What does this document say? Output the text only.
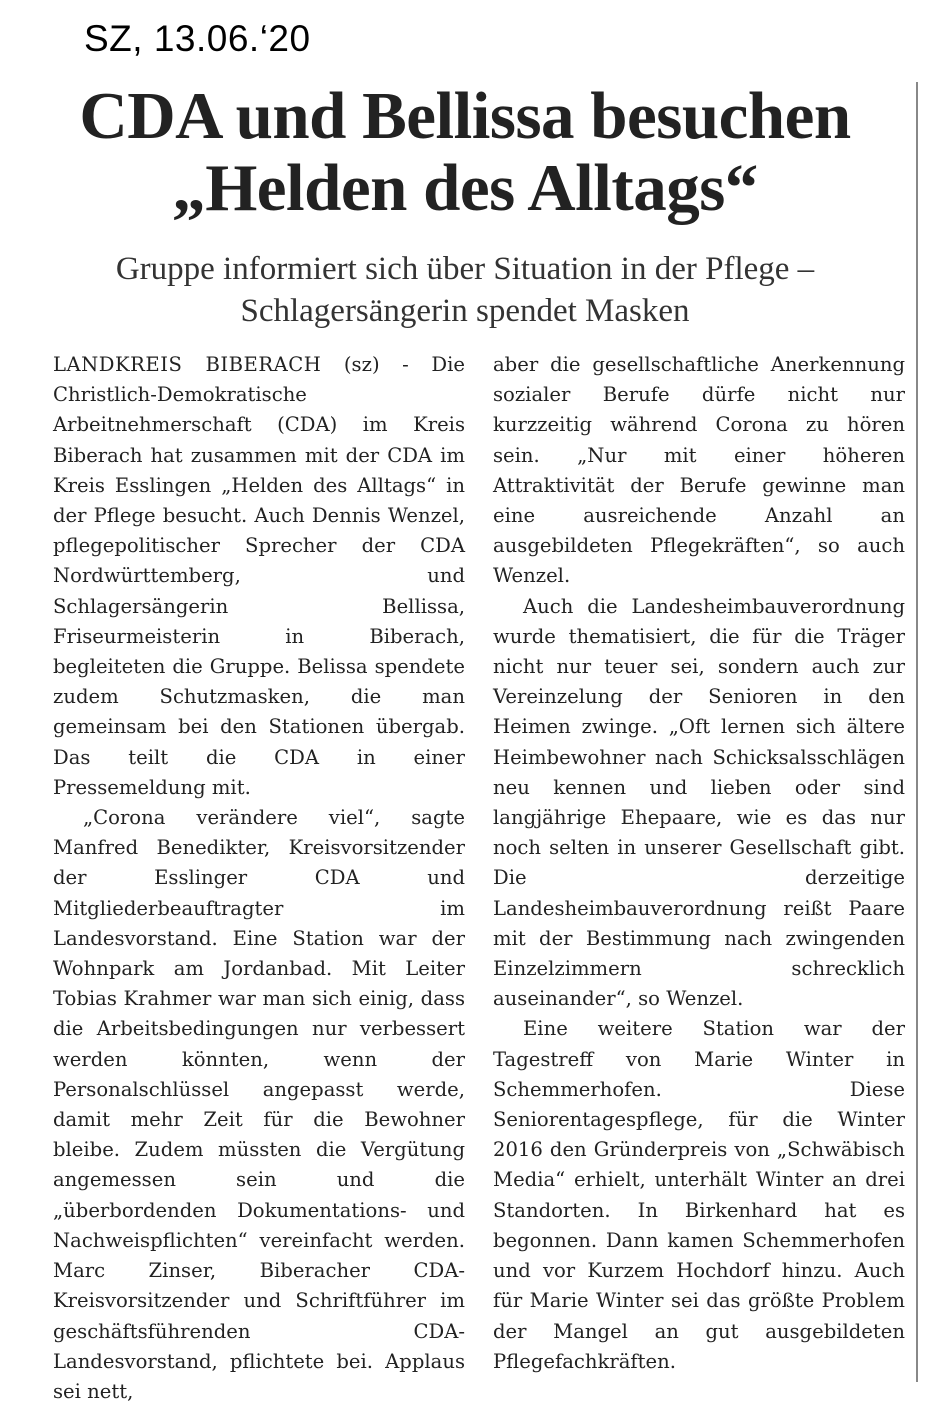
SZ, 13.06.‘20
CDA und Bellissa besuchen
„Helden des Alltags“
Gruppe informiert sich über Situation in der Pflege –
Schlagersängerin spendet Masken

LANDKREIS BIBERACH (sz) - Die Christlich-Demokratische Arbeitnehmerschaft (CDA) im Kreis Biberach hat zusammen mit der CDA im Kreis Esslingen „Helden des Alltags“ in der Pflege besucht. Auch Dennis Wenzel, pflegepolitischer Sprecher der CDA Nordwürttemberg, und Schlagersängerin Bellissa, Friseurmeisterin in Biberach, begleiteten die Gruppe. Belissa spendete zudem Schutzmasken, die man gemeinsam bei den Stationen übergab. Das teilt die CDA in einer Pressemeldung mit.

„Corona verändere viel“, sagte Manfred Benedikter, Kreisvorsitzender der Esslinger CDA und Mitgliederbeauftragter im Landesvorstand. Eine Station war der Wohnpark am Jordanbad. Mit Leiter Tobias Krahmer war man sich einig, dass die Arbeitsbedingungen nur verbessert werden könnten, wenn der Personalschlüssel angepasst werde, damit mehr Zeit für die Bewohner bleibe. Zudem müssten die Vergütung angemessen sein und die „überbordenden Dokumentations- und Nachweispflichten“ vereinfacht werden. Marc Zinser, Biberacher CDA-Kreisvorsitzender und Schriftführer im geschäftsführenden CDA-Landesvorstand, pflichtete bei. Applaus sei nett,

aber die gesellschaftliche Anerkennung sozialer Berufe dürfe nicht nur kurzzeitig während Corona zu hören sein. „Nur mit einer höheren Attraktivität der Berufe gewinne man eine ausreichende Anzahl an ausgebildeten Pflegekräften“, so auch Wenzel.

Auch die Landesheimbauverordnung wurde thematisiert, die für die Träger nicht nur teuer sei, sondern auch zur Vereinzelung der Senioren in den Heimen zwinge. „Oft lernen sich ältere Heimbewohner nach Schicksalsschlägen neu kennen und lieben oder sind langjährige Ehepaare, wie es das nur noch selten in unserer Gesellschaft gibt. Die derzeitige Landesheimbauverordnung reißt Paare mit der Bestimmung nach zwingenden Einzelzimmern schrecklich auseinander“, so Wenzel.

Eine weitere Station war der Tagestreff von Marie Winter in Schemmerhofen. Diese Seniorentagespflege, für die Winter 2016 den Gründerpreis von „Schwäbisch Media“ erhielt, unterhält Winter an drei Standorten. In Birkenhard hat es begonnen. Dann kamen Schemmerhofen und vor Kurzem Hochdorf hinzu. Auch für Marie Winter sei das größte Problem der Mangel an gut ausgebildeten Pflegefachkräften.
